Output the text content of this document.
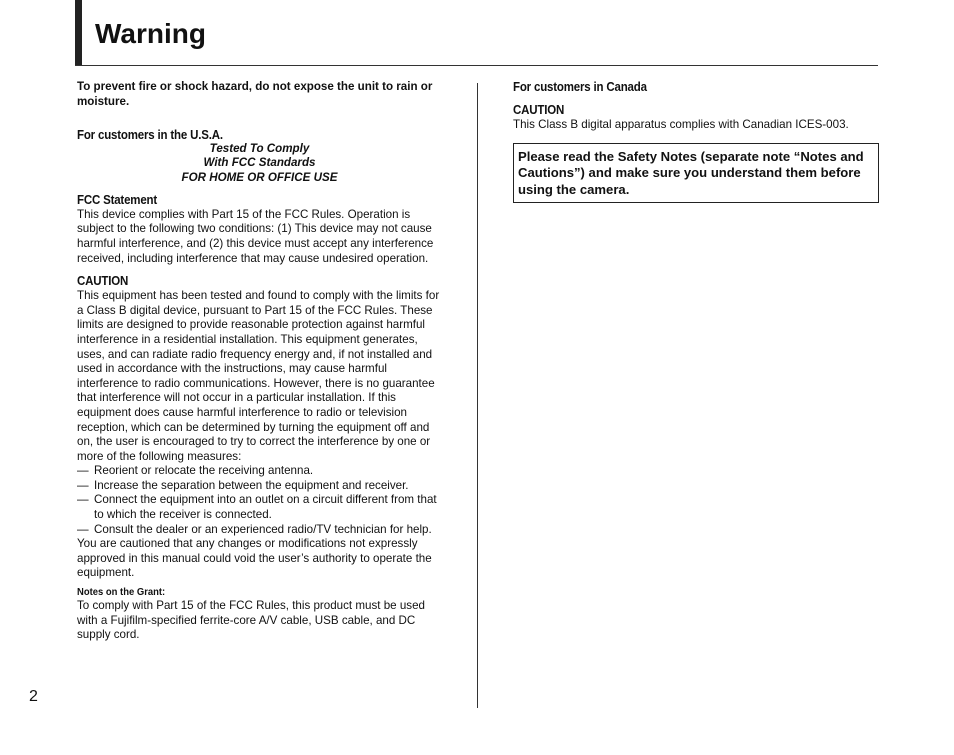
Warning

To prevent fire or shock hazard, do not expose the unit to rain or moisture.

For customers in the U.S.A.
Tested To Comply
With FCC Standards
FOR HOME OR OFFICE USE
FCC Statement

This device complies with Part 15 of the FCC Rules. Operation is subject to the following two conditions: (1) This device may not cause harmful interference, and (2) this device must accept any interference received, including interference that may cause undesired operation.

CAUTION

This equipment has been tested and found to comply with the limits for a Class B digital device, pursuant to Part 15 of the FCC Rules. These limits are designed to provide reasonable protection against harmful interference in a residential installation. This equipment generates, uses, and can radiate radio frequency energy and, if not installed and used in accordance with the instructions, may cause harmful interference to radio communications. However, there is no guarantee that interference will not occur in a particular installation. If this equipment does cause harmful interference to radio or television reception, which can be determined by turning the equipment off and on, the user is encouraged to try to correct the interference by one or more of the following measures:

— Reorient or relocate the receiving antenna.
— Increase the separation between the equipment and receiver.
— Connect the equipment into an outlet on a circuit different from that to which the receiver is connected.
— Consult the dealer or an experienced radio/TV technician for help.

You are cautioned that any changes or modifications not expressly approved in this manual could void the user’s authority to operate the equipment.

Notes on the Grant:

To comply with Part 15 of the FCC Rules, this product must be used with a Fujifilm-specified ferrite-core A/V cable, USB cable, and DC supply cord.

For customers in Canada
CAUTION

This Class B digital apparatus complies with Canadian ICES-003.

Please read the Safety Notes (separate note “Notes and Cautions”) and make sure you understand them before using the camera.
2
